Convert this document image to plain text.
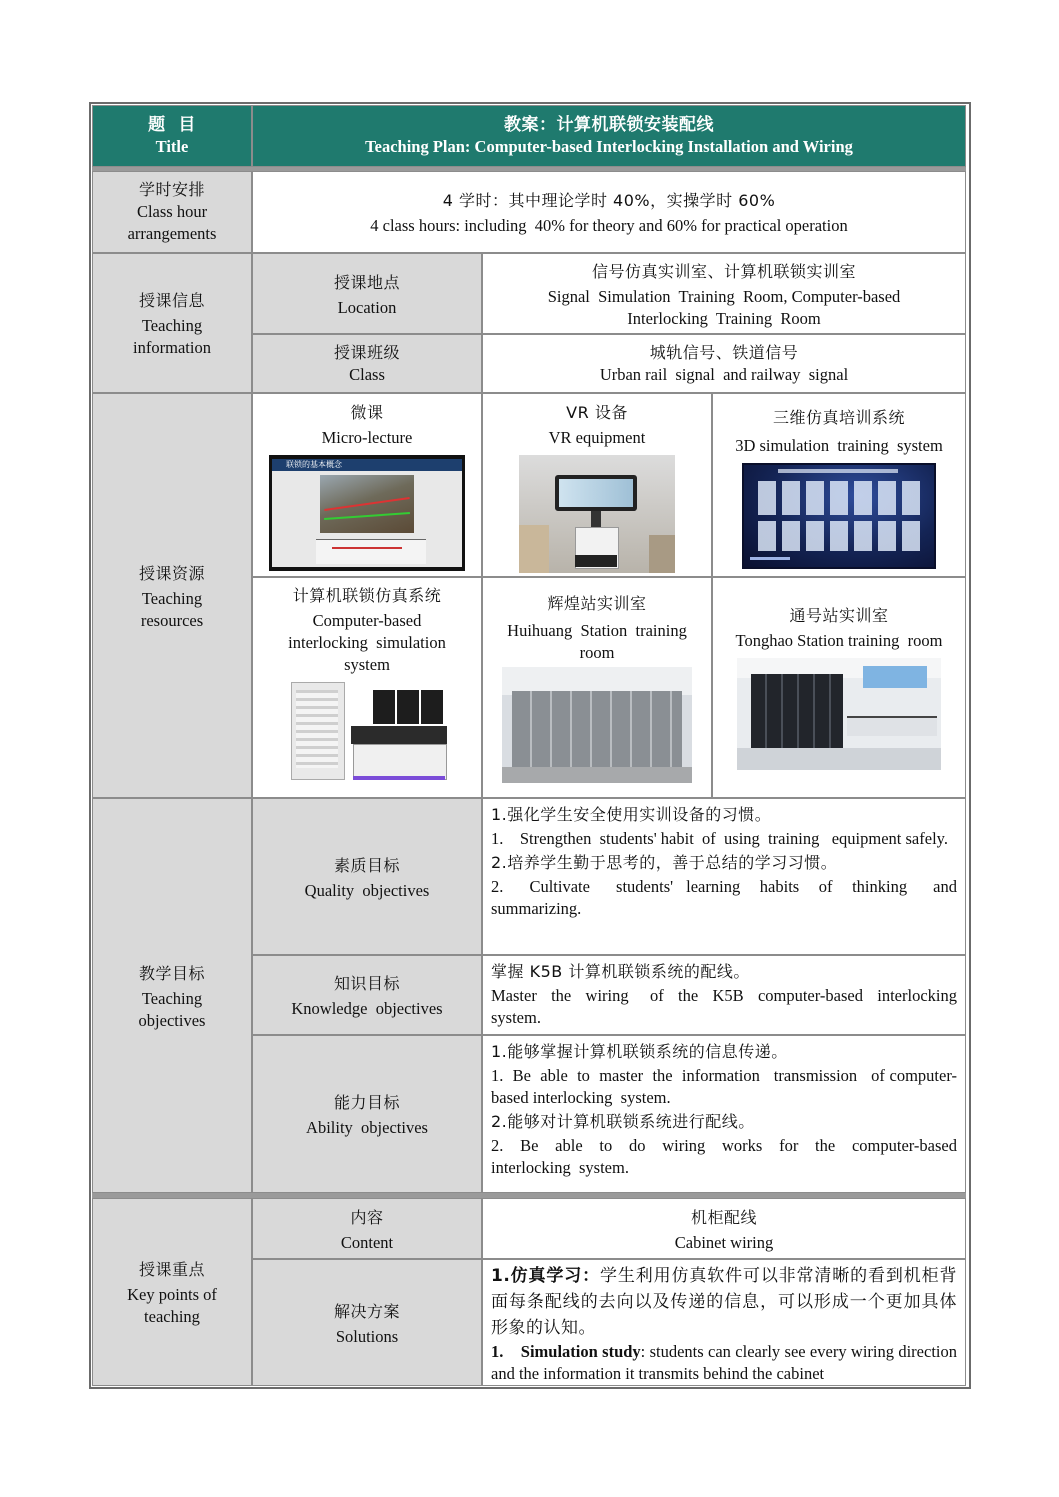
题  目
Title
教案：计算机联锁安装配线
Teaching Plan: Computer-based Interlocking Installation and Wiring
学时安排
Class hour arrangements
4 学时：其中理论学时 40%，实操学时 60%
4 class hours: including  40% for theory and 60% for practical operation
授课信息
Teaching information
授课地点
Location
信号仿真实训室、计算机联锁实训室
Signal  Simulation  Training  Room, Computer-based  Interlocking  Training  Room
授课班级
Class
城轨信号、铁道信号
Urban rail  signal  and railway  signal
授课资源
Teaching resources
微课
Micro-lecture
联锁的基本概念
VR 设备
VR equipment
三维仿真培训系统
3D simulation  training  system
计算机联锁仿真系统
Computer-based  interlocking  simulation  system
辉煌站实训室
Huihuang  Station  training  room
通号站实训室
Tonghao Station training  room
教学目标
Teaching objectives
素质目标
Quality  objectives

1.强化学生安全使用实训设备的习惯。

1.    Strengthen  students' habit  of  using  training   equipment safely.

2.培养学生勤于思考的，善于总结的学习习惯。

2.    Cultivate    students'  learning   habits   of   thinking    and summarizing.

知识目标
Knowledge  objectives

掌握 K5B 计算机联锁系统的配线。

Master  the  wiring   of  the  K5B  computer-based  interlocking system.

能力目标
Ability  objectives

1.能够掌握计算机联锁系统的信息传递。

1.  Be  able  to  master  the  information   transmission   of computer-based interlocking  system.

2.能够对计算机联锁系统进行配线。

2.  Be  able  to  do  wiring  works  for  the  computer-based interlocking  system.

授课重点
Key points of teaching
内容
Content
机柜配线
Cabinet wiring
解决方案
Solutions

1.仿真学习：学生利用仿真软件可以非常清晰的看到机柜背面每条配线的去向以及传递的信息，可以形成一个更加具体形象的认知。

1. Simulation study: students can clearly see every wiring direction and the information it transmits behind the cabinet
